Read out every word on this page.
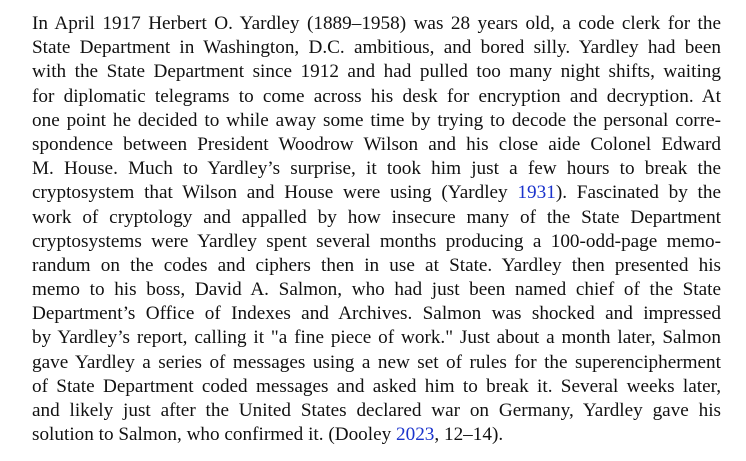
In April 1917 Herbert O. Yardley (1889–1958) was 28 years old, a code clerk for the
State Department in Washington, D.C. ambitious, and bored silly. Yardley had been
with the State Department since 1912 and had pulled too many night shifts, waiting
for diplomatic telegrams to come across his desk for encryption and decryption. At
one point he decided to while away some time by trying to decode the personal corre-
spondence between President Woodrow Wilson and his close aide Colonel Edward
M. House. Much to Yardley’s surprise, it took him just a few hours to break the
cryptosystem that Wilson and House were using (Yardley 1931). Fascinated by the
work of cryptology and appalled by how insecure many of the State Department
cryptosystems were Yardley spent several months producing a 100-odd-page memo-
randum on the codes and ciphers then in use at State. Yardley then presented his
memo to his boss, David A. Salmon, who had just been named chief of the State
Department’s Office of Indexes and Archives. Salmon was shocked and impressed
by Yardley’s report, calling it "a fine piece of work." Just about a month later, Salmon
gave Yardley a series of messages using a new set of rules for the superencipherment
of State Department coded messages and asked him to break it. Several weeks later,
and likely just after the United States declared war on Germany, Yardley gave his
solution to Salmon, who confirmed it. (Dooley 2023, 12–14).
